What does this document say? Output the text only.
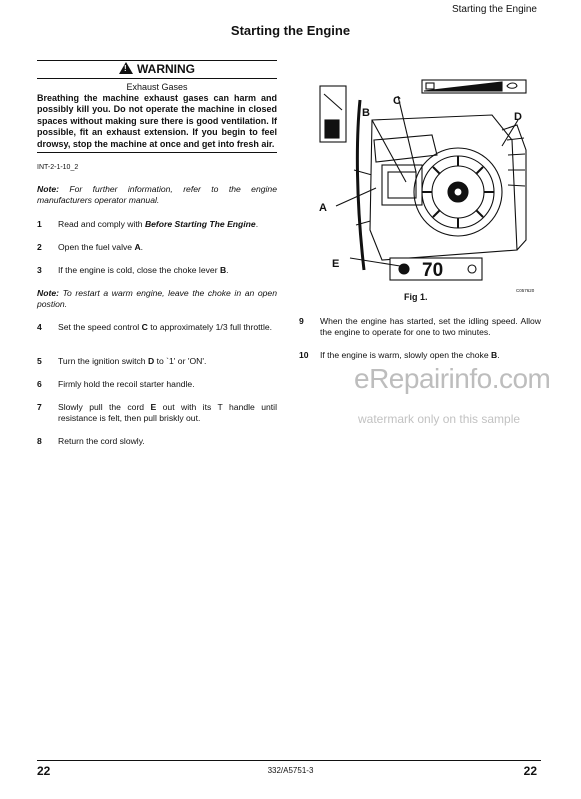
Starting the Engine
Starting the Engine
! WARNING
Exhaust Gases
Breathing the machine exhaust gases can harm and possibly kill you. Do not operate the machine in closed spaces without making sure there is good ventilation. If possible, fit an exhaust extension. If you begin to feel drowsy, stop the machine at once and get into fresh air.
INT-2-1-10_2
Note: For further information, refer to the engine manufacturers operator manual.
1	Read and comply with Before Starting The Engine.
2	Open the fuel valve A.
3	If the engine is cold, close the choke lever B.
Note: To restart a warm engine, leave the choke in an open postion.
4	Set the speed control C to approximately 1/3 full throttle.
5	Turn the ignition switch D to `1' or 'ON'.
6	Firmly hold the recoil starter handle.
7	Slowly pull the cord E out with its T handle until resistance is felt, then pull briskly out.
8	Return the cord slowly.
70
B
C
D
A
E
C057620
Fig 1.
9	When the engine has started, set the idling speed. Allow the engine to operate for one to two minutes.
10	If the engine is warm, slowly open the choke B.
eRepairinfo.com
watermark only on this sample
22	332/A5751-3	22
